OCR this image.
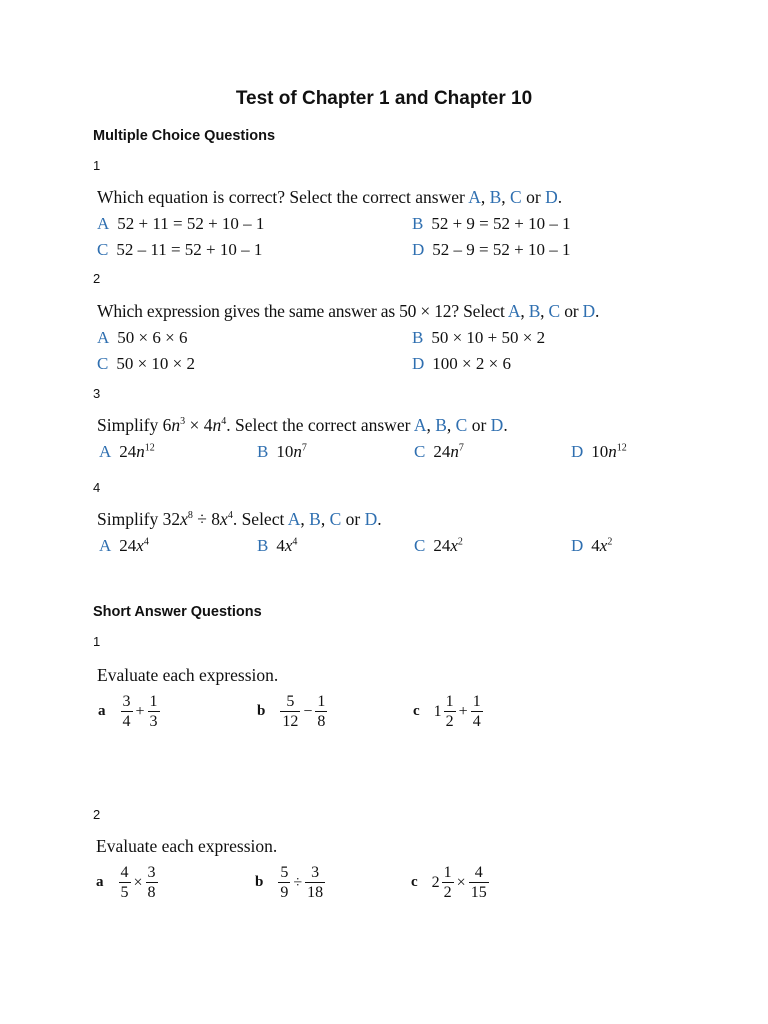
Test of Chapter 1 and Chapter 10
Multiple Choice Questions
1
Which equation is correct? Select the correct answer A, B, C or D.
A 52 + 11 = 52 + 10 – 1	B 52 + 9 = 52 + 10 – 1
C 52 – 11 = 52 + 10 – 1	D 52 – 9 = 52 + 10 – 1
2
Which expression gives the same answer as 50 × 12? Select A, B, C or D.
A 50 × 6 × 6	B 50 × 10 + 50 × 2
C 50 × 10 × 2	D 100 × 2 × 6
3
Simplify $6n^3 \times 4n^4$. Select the correct answer A, B, C or D.
A $24n^{12}$	B $10n^7$	C $24n^7$	D $10n^{12}$
4
Simplify $32x^8 \div 8x^4$. Select A, B, C or D.
A $24x^4$	B $4x^4$	C $24x^2$	D $4x^2$
Short Answer Questions
1
Evaluate each expression.
a $\frac{3}{4} + \frac{1}{3}$	b $\frac{5}{12} - \frac{1}{8}$	c $1 \frac{1}{2} + \frac{1}{4}$
2
Evaluate each expression.
a $\frac{4}{5} \times \frac{3}{8}$	b $\frac{5}{9} \div \frac{3}{18}$	c $2 \frac{1}{2} \times \frac{4}{15}$
